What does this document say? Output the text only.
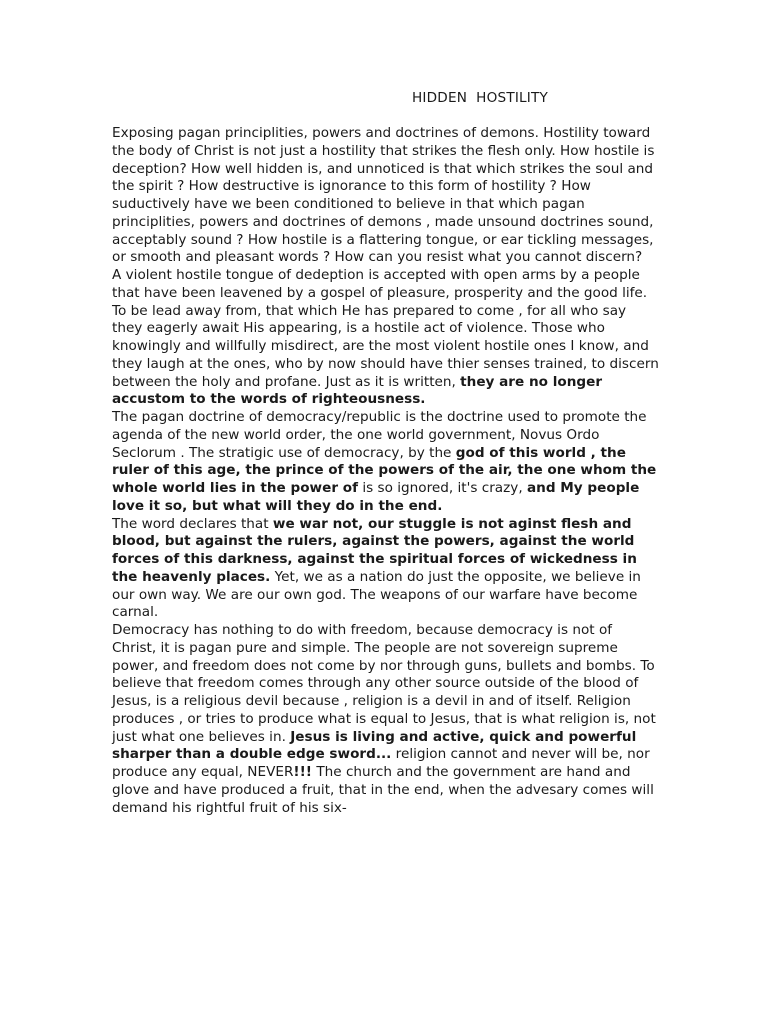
HIDDEN  HOSTILITY

Exposing pagan principlities, powers and doctrines of demons. Hostility toward the body of Christ is not just a hostility that strikes the flesh only. How hostile is deception? How well hidden is, and unnoticed is that which strikes the soul and the spirit ? How destructive is ignorance to this form of hostility ? How suductively have we been conditioned to believe in that which pagan principlities, powers and doctrines of demons , made unsound doctrines sound, acceptably sound ? How hostile is a flattering tongue, or ear tickling messages, or smooth and pleasant words ? How can you resist what you cannot discern?

A violent hostile tongue of dedeption is accepted with open arms by a people that have been leavened by a gospel of pleasure, prosperity and the good life. To be lead away from, that which He has prepared to come , for all who say they eagerly await His appearing, is a hostile act of violence. Those who knowingly and willfully misdirect, are the most violent hostile ones I know, and they laugh at the ones, who by now should have thier senses trained, to discern between the holy and profane. Just as it is written, they are no longer accustom to the words of righteousness.

The pagan doctrine of democracy/republic is the doctrine used to promote the agenda of the new world order, the one world government, Novus Ordo Seclorum . The stratigic use of democracy, by the god of this world , the ruler of this age, the prince of the powers of the air, the one whom the whole world lies in the power of is so ignored, it's crazy, and My people love it so, but what will they do in the end.

The word declares that we war not, our stuggle is not aginst flesh and blood, but against the rulers, against the powers, against the world forces of this darkness, against the spiritual forces of wickedness in the heavenly places. Yet, we as a nation do just the opposite, we believe in our own way. We are our own god. The weapons of our warfare have become carnal.

Democracy has nothing to do with freedom, because democracy is not of Christ, it is pagan pure and simple. The people are not sovereign supreme power, and freedom does not come by nor through guns, bullets and bombs. To believe that freedom comes through any other source outside of the blood of Jesus, is a religious devil because , religion is a devil in and of itself. Religion produces , or tries to produce what is equal to Jesus, that is what religion is, not just what one believes in. Jesus is living and active, quick and powerful sharper than a double edge sword... religion cannot and never will be, nor produce any equal, NEVER!!! The church and the government are hand and glove and have produced a fruit, that in the end, when the advesary comes will demand his rightful fruit of his six-
